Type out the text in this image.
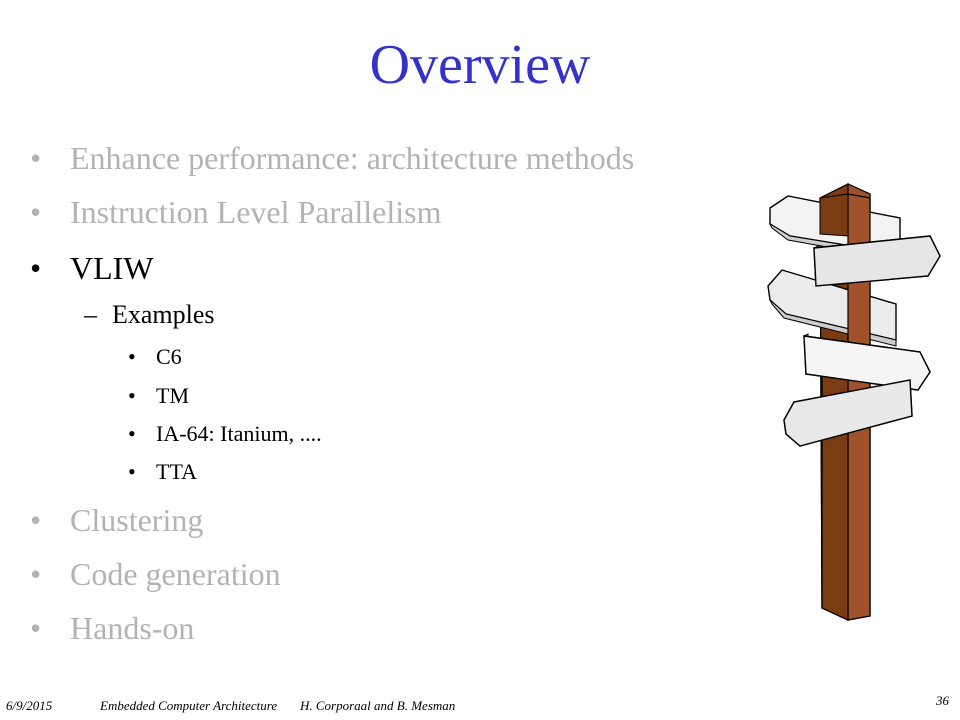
Overview
• Enhance performance: architecture methods
• Instruction Level Parallelism
• VLIW
– Examples
• C6
• TM
• IA-64: Itanium, ....
• TTA
• Clustering
• Code generation
• Hands-on
6/9/2015	Embedded Computer Architecture H. Corporaal and B. Mesman	36
